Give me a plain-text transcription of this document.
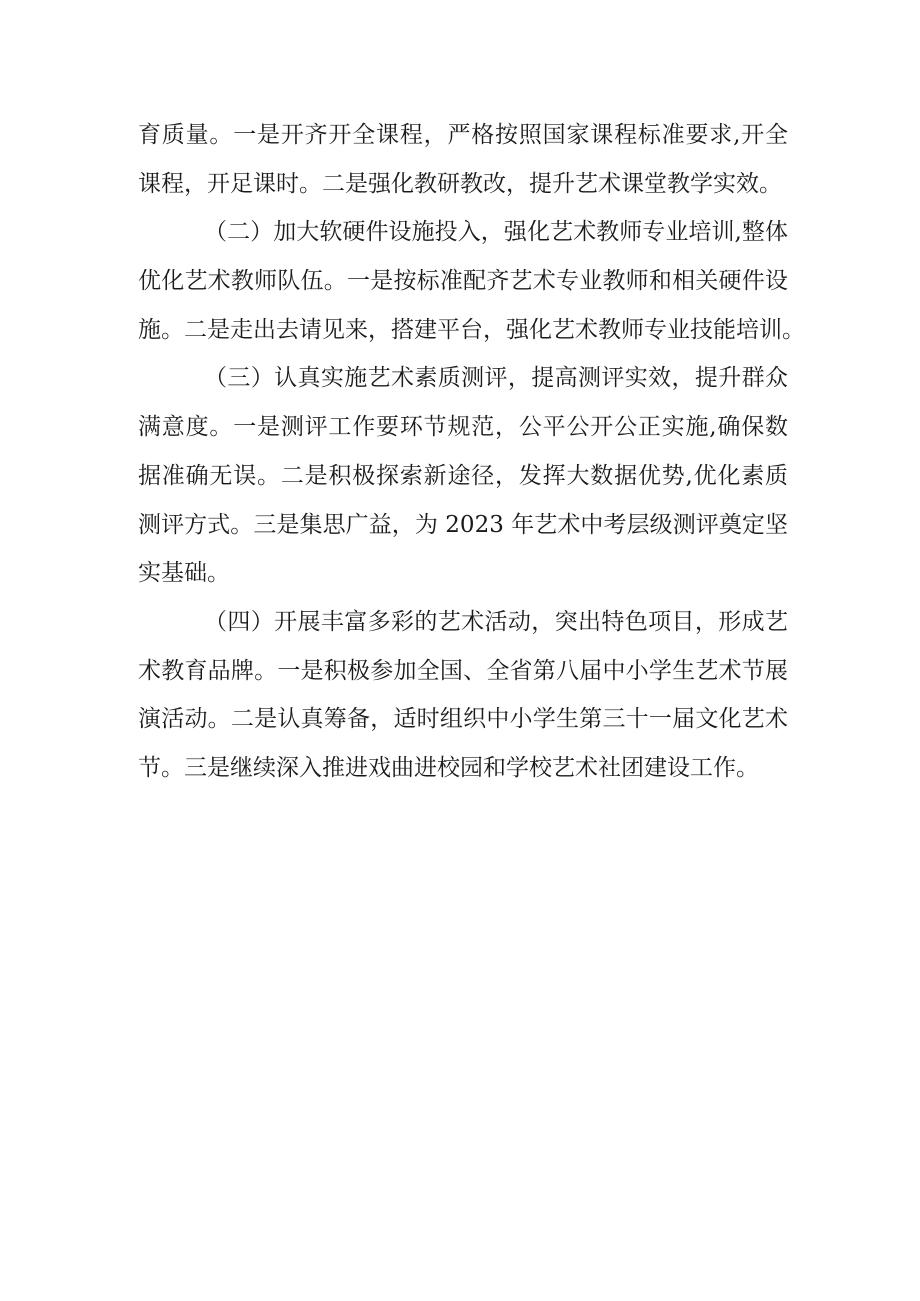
育质量。一是开齐开全课程，严格按照国家课程标准要求,开全
课程，开足课时。二是强化教研教改，提升艺术课堂教学实效。
（二）加大软硬件设施投入，强化艺术教师专业培训,整体
优化艺术教师队伍。一是按标准配齐艺术专业教师和相关硬件设
施。二是走出去请见来，搭建平台，强化艺术教师专业技能培训。
（三）认真实施艺术素质测评，提高测评实效，提升群众
满意度。一是测评工作要环节规范，公平公开公正实施,确保数
据准确无误。二是积极探索新途径，发挥大数据优势,优化素质
测评方式。三是集思广益，为 2023 年艺术中考层级测评奠定坚
实基础。
（四）开展丰富多彩的艺术活动，突出特色项目，形成艺
术教育品牌。一是积极参加全国、全省第八届中小学生艺术节展
演活动。二是认真筹备，适时组织中小学生第三十一届文化艺术
节。三是继续深入推进戏曲进校园和学校艺术社团建设工作。
